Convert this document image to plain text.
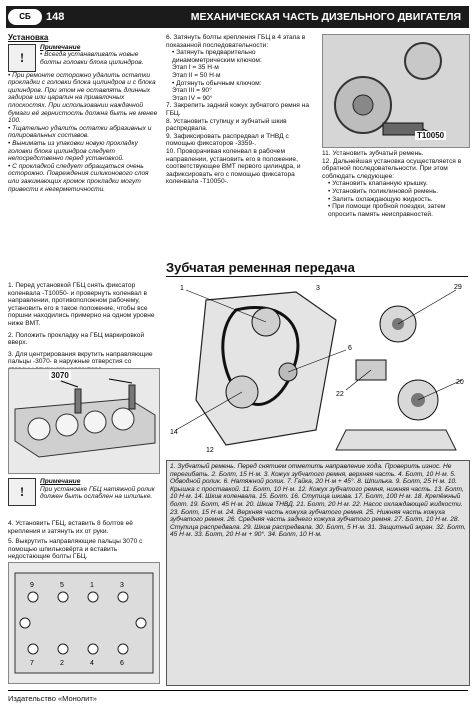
СБ	148	МЕХАНИЧЕСКАЯ ЧАСТЬ ДИЗЕЛЬНОГО ДВИГАТЕЛЯ
Установка
!
Примечание

• Всегда устанавливать новые болты головки блока цилиндров.

• При ремонте осторожно удалить остатки прокладки с головки блока цилиндров и с блока цилиндров. При этом не оставлять длинных задиров или царапин на привалочных плоскостях. При использовании наждачной бумаги её зернистость должна быть не менее 100.

• Тщательно удалить остатки абразивных и полировальных составов.

• Вынимать из упаковки новую прокладку головки блока цилиндров следует непосредственно перед установкой.

• С прокладкой следует обращаться очень осторожно. Повреждения силиконового слоя или зажимающих кромок прокладки могут привести к негерметичности.

1. Перед установкой ГБЦ снять фиксатор коленвала -Т10050- и провернуть коленвал в направлении, противоположном рабочему, установить его в такое положение, чтобы все поршни находились примерно на одном уровне ниже ВМТ.

2. Положить прокладку на ГБЦ маркировкой вверх.

3. Для центрирования вкрутить направляющие пальцы -3070- в наружные отверстия со

3070
!
Примечание

При установке ГБЦ натяжной ролик должен быть ослаблен на шпильке.

4. Установить ГБЦ, вставить 8 болтов её крепления и затянуть их от руки.

5. Выкрутить направляющие пальцы 3070 с помощью шпильковёрта и вставить недостающие болты ГБЦ.

9	5	1	3
7	2	4	6

6. Затянуть болты крепления ГБЦ в 4 этапа в показанной последовательности:

• Затянуть предварительно динамометрическим ключом:

Этап I = 35 Н·м

Этап II = 50 Н·м

• Дотянуть обычным ключом:

Этап III = 90°

Этап IV = 90°

7. Закрепить задний кожух зубчатого ремня на ГБЦ.

8. Установить ступицу и зубчатый шкив распредвала.

9. Зафиксировать распредвал и ТНВД с помощью фиксаторов -3359-.

10. Проворачивая коленвал в рабочем направлении, установить его в положение, соответствующее ВМТ первого цилиндра, и зафиксировать его с помощью фиксатора коленвала -Т10050-.

T10050

11. Установить зубчатый ремень.

12. Дальнейшая установка осуществляется в обратной последовательности. При этом соблюдать следующее:

• Установить клапанную крышку.

• Установить поликлиновой ремень.

• Залить охлаждающую жидкость.

• При помощи пробной поездки, затем опросить память неисправностей.

Зубчатая ременная передача
1
14
29
20
6
22
3
12
1. Зубчатый ремень. Перед снятием отметить направление хода. Проверить износ. Не перегибать. 2. Болт, 15 Н·м. 3. Кожух зубчатого ремня, верхняя часть. 4. Болт, 10 Н·м. 5. Обводной ролик. 6. Натяжной ролик. 7. Гайка, 20 Н·м + 45°. 8. Шпилька. 9. Болт, 25 Н·м. 10. Крышка с проставкой. 11. Болт, 10 Н·м. 12. Кожух зубчатого ремня, нижняя часть. 13. Болт, 10 Н·м. 14. Шкив коленвала. 15. Болт. 16. Ступица шкива. 17. Болт, 100 Н·м. 18. Крепёжный болт. 19. Болт, 45 Н·м. 20. Шкив ТНВД. 21. Болт, 20 Н·м. 22. Насос охлаждающей жидкости. 23. Болт, 15 Н·м. 24. Верхняя часть кожуха зубчатого ремня. 25. Нижняя часть кожуха зубчатого ремня. 26. Средняя часть заднего кожуха зубчатого ремня. 27. Болт, 10 Н·м. 28. Ступица распредвала. 29. Шкив распредвала. 30. Болт, 5 Н·м. 31. Защитный экран. 32. Болт, 45 Н·м. 33. Болт, 20 Н·м + 90°. 34. Болт, 10 Н·м.
Издательство «Монолит»
